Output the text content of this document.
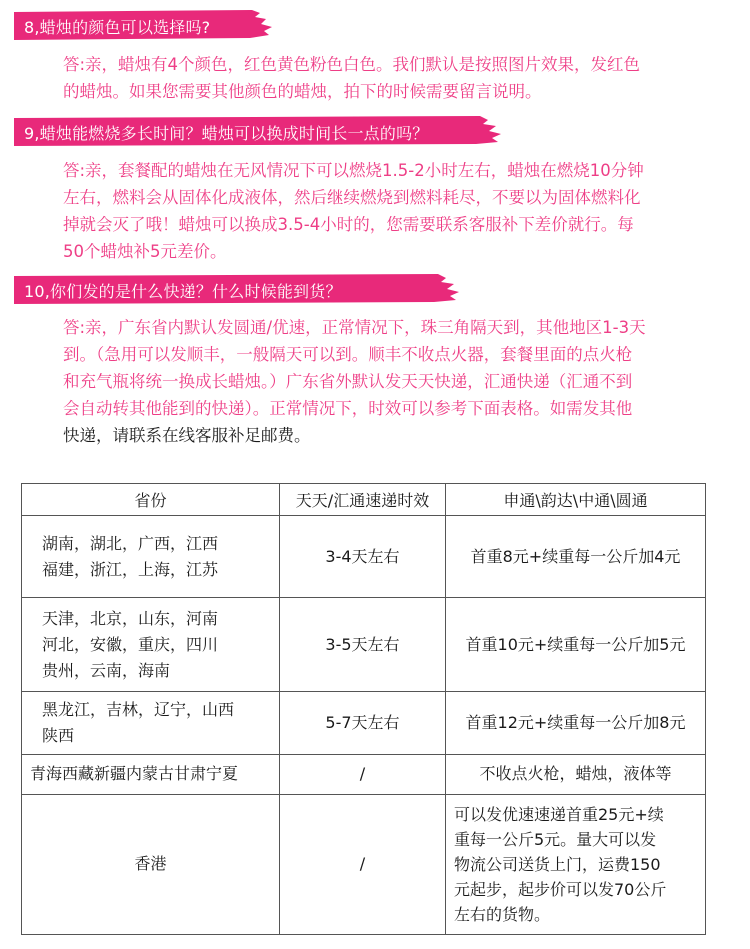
8,蜡烛的颜色可以选择吗?

答:亲，蜡烛有4个颜色，红色黄色粉色白色。我们默认是按照图片效果，发红色

的蜡烛。如果您需要其他颜色的蜡烛，拍下的时候需要留言说明。

9,蜡烛能燃烧多长时间？蜡烛可以换成时间长一点的吗？

答:亲，套餐配的蜡烛在无风情况下可以燃烧1.5-2小时左右，蜡烛在燃烧10分钟

左右，燃料会从固体化成液体，然后继续燃烧到燃料耗尽，不要以为固体燃料化

掉就会灭了哦！蜡烛可以换成3.5-4小时的，您需要联系客服补下差价就行。每

50个蜡烛补5元差价。

10,你们发的是什么快递？什么时候能到货？

答:亲，广东省内默认发圆通/优速，正常情况下，珠三角隔天到，其他地区1-3天

到。（急用可以发顺丰，一般隔天可以到。顺丰不收点火器，套餐里面的点火枪

和充气瓶将统一换成长蜡烛。）广东省外默认发天天快递，汇通快递（汇通不到

会自动转其他能到的快递）。正常情况下，时效可以参考下面表格。如需发其他

快递，请联系在线客服补足邮费。

省份	天天/汇通速递时效	申通\韵达\中通\圆通

湖南，湖北，广西，江西
福建，浙江，上海，江苏	3-4天左右	首重8元+续重每一公斤加4元

天津，北京，山东，河南
河北，安徽，重庆，四川
贵州，云南，海南	3-5天左右	首重10元+续重每一公斤加5元

黑龙江，吉林，辽宁，山西
陕西	5-7天左右	首重12元+续重每一公斤加8元

青海西藏新疆内蒙古甘肃宁夏	/	不收点火枪，蜡烛，液体等

香港	/	可以发优速速递首重25元+续
重每一公斤5元。量大可以发
物流公司送货上门，运费150
元起步，起步价可以发70公斤
左右的货物。
